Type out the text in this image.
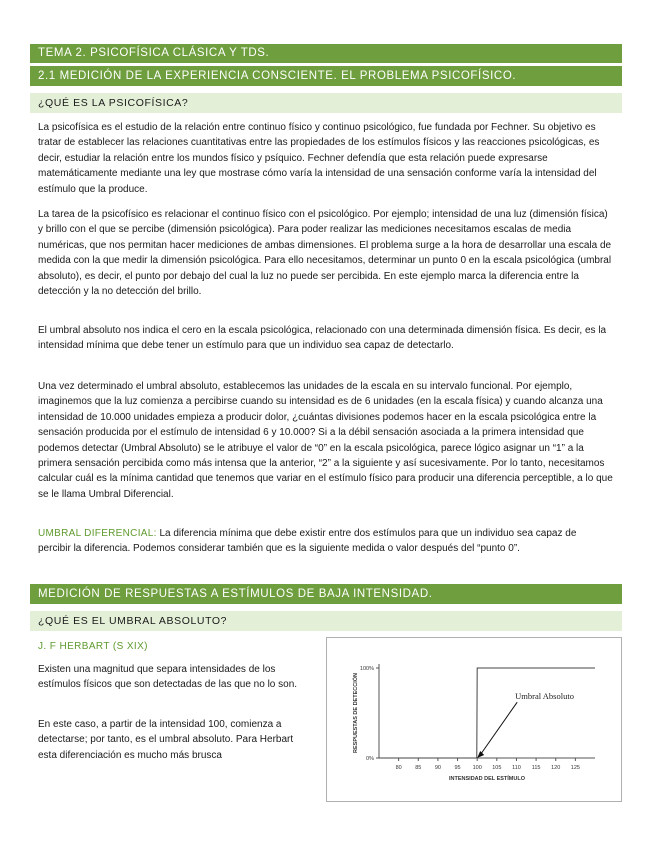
TEMA 2. PSICOFÍSICA CLÁSICA Y TDS.
2.1 MEDICIÓN DE LA EXPERIENCIA CONSCIENTE. EL PROBLEMA PSICOFÍSICO.
¿QUÉ ES LA PSICOFÍSICA?

La psicofísica es el estudio de la relación entre continuo físico y continuo psicológico, fue fundada por Fechner. Su objetivo es tratar de establecer las relaciones cuantitativas entre las propiedades de los estímulos físicos y las reacciones psicológicas, es decir, estudiar la relación entre los mundos físico y psíquico. Fechner defendía que esta relación puede expresarse matemáticamente mediante una ley que mostrase cómo varía la intensidad de una sensación conforme varía la intensidad del estímulo que la produce.

La tarea de la psicofísico es relacionar el continuo físico con el psicológico. Por ejemplo; intensidad de una luz (dimensión física) y brillo con el que se percibe (dimensión psicológica). Para poder realizar las mediciones necesitamos escalas de media numéricas, que nos permitan hacer mediciones de ambas dimensiones. El problema surge a la hora de desarrollar una escala de medida con la que medir la dimensión psicológica. Para ello necesitamos, determinar un punto 0 en la escala psicológica (umbral absoluto), es decir, el punto por debajo del cual la luz no puede ser percibida. En este ejemplo marca la diferencia entre la detección y la no detección del brillo.

El umbral absoluto nos indica el cero en la escala psicológica, relacionado con una determinada dimensión física. Es decir, es la intensidad mínima que debe tener un estímulo para que un individuo sea capaz de detectarlo.

Una vez determinado el umbral absoluto, establecemos las unidades de la escala en su intervalo funcional. Por ejemplo, imaginemos que la luz comienza a percibirse cuando su intensidad es de 6 unidades (en la escala física) y cuando alcanza una intensidad de 10.000 unidades empieza a producir dolor, ¿cuántas divisiones podemos hacer en la escala psicológica entre la sensación producida por el estímulo de intensidad 6 y 10.000? Si a la débil sensación asociada a la primera intensidad que podemos detectar (Umbral Absoluto) se le atribuye el valor de “0” en la escala psicológica, parece lógico asignar un “1” a la primera sensación percibida como más intensa que la anterior, “2” a la siguiente y así sucesivamente. Por lo tanto, necesitamos calcular cuál es la mínima cantidad que tenemos que variar en el estímulo físico para producir una diferencia perceptible, a lo que se le llama Umbral Diferencial.

UMBRAL DIFERENCIAL: La diferencia mínima que debe existir entre dos estímulos para que un individuo sea capaz de percibir la diferencia. Podemos considerar también que es la siguiente medida o valor después del “punto 0”.

MEDICIÓN DE RESPUESTAS A ESTÍMULOS DE BAJA INTENSIDAD.
¿QUÉ ES EL UMBRAL ABSOLUTO?
J. F HERBART (S XIX)

Existen una magnitud que separa intensidades de los estímulos físicos que son detectadas de las que no lo son.

En este caso, a partir de la intensidad 100, comienza a detectarse; por tanto, es el umbral absoluto. Para Herbart esta diferenciación es mucho más brusca

80 85 90 95 100 105 110 115 120 125
0%
100%
Umbral Absoluto
INTENSIDAD DEL ESTÍMULO
RESPUESTAS DE DETECCIÓN
